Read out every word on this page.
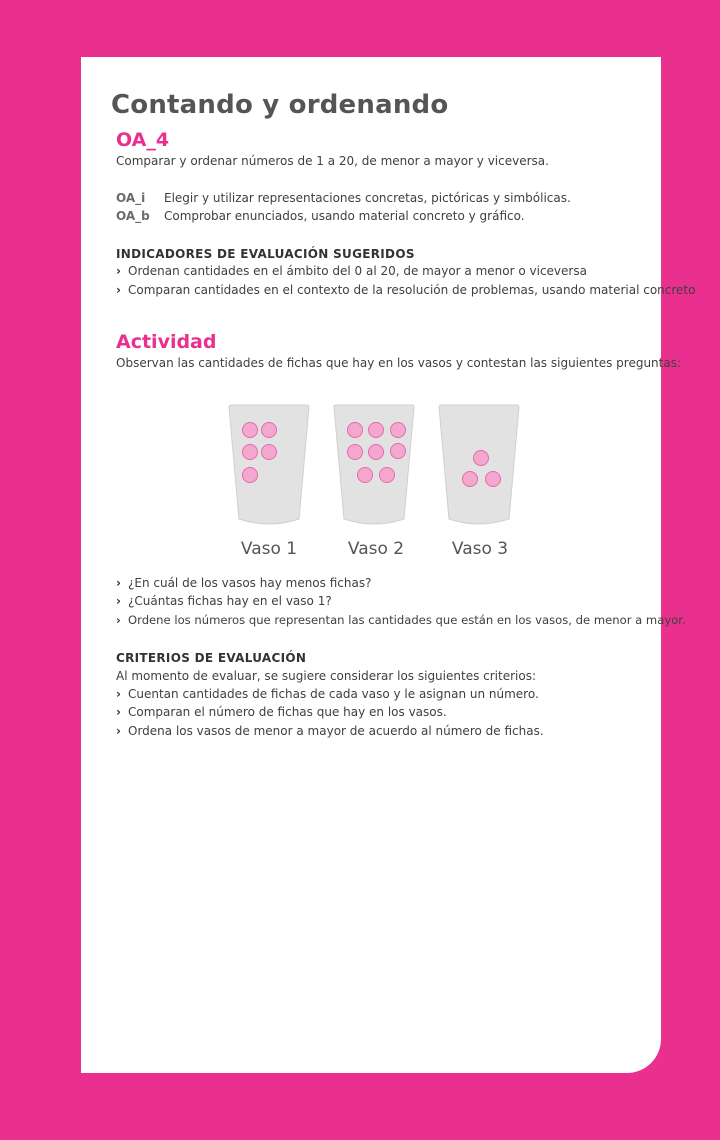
Contando y ordenando
OA_4
Comparar y ordenar números de 1 a 20, de menor a mayor y viceversa.
OA_i Elegir y utilizar representaciones concretas, pictóricas y simbólicas.
OA_b Comprobar enunciados, usando material concreto y gráfico.
INDICADORES DE EVALUACIÓN SUGERIDOS
› Ordenan cantidades en el ámbito del 0 al 20, de mayor a menor o viceversa
› Comparan cantidades en el contexto de la resolución de problemas, usando material concreto
Actividad
Observan las cantidades de fichas que hay en los vasos y contestan las siguientes preguntas:
Vaso 1	Vaso 2	Vaso 3
› ¿En cuál de los vasos hay menos fichas?
› ¿Cuántas fichas hay en el vaso 1?
› Ordene los números que representan las cantidades que están en los vasos, de menor a mayor.
CRITERIOS DE EVALUACIÓN
Al momento de evaluar, se sugiere considerar los siguientes criterios:
› Cuentan cantidades de fichas de cada vaso y le asignan un número.
› Comparan el número de fichas que hay en los vasos.
› Ordena los vasos de menor a mayor de acuerdo al número de fichas.
